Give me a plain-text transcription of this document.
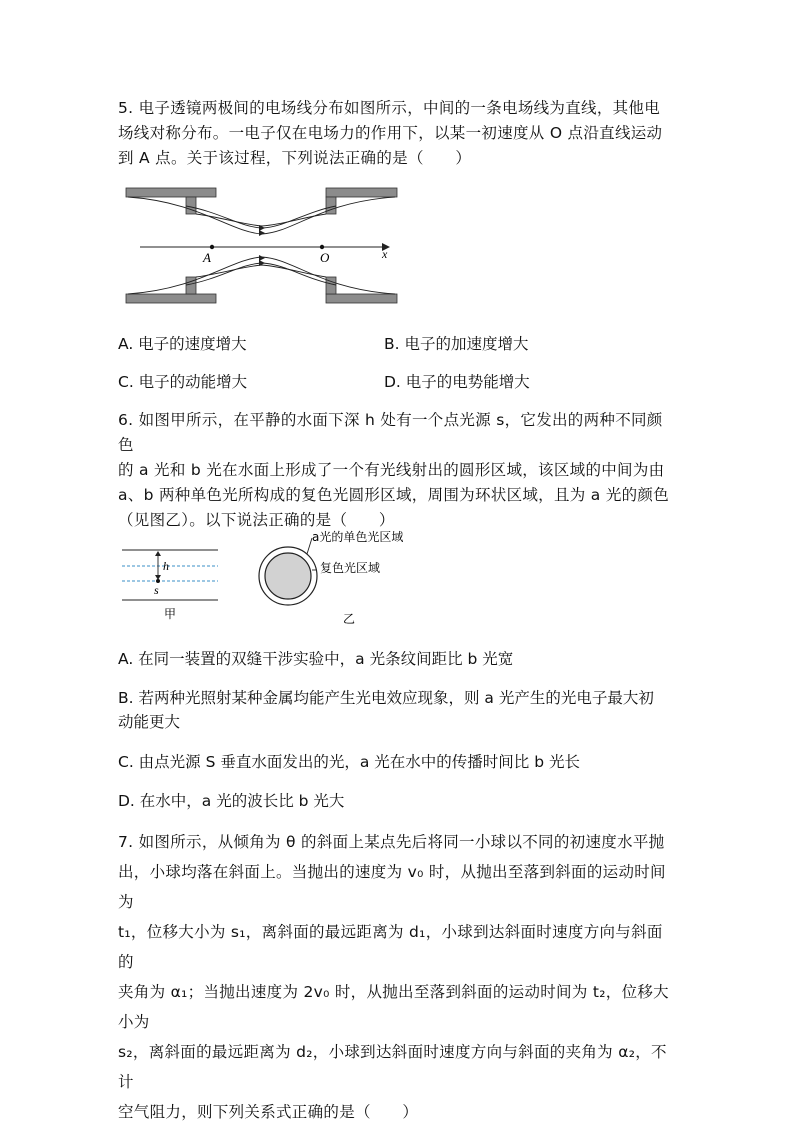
5. 电子透镜两极间的电场线分布如图所示，中间的一条电场线为直线，其他电
场线对称分布。一电子仅在电场力的作用下，以某一初速度从 O 点沿直线运动
到 A 点。关于该过程，下列说法正确的是（　　）
A	O	x
A. 电子的速度增大	B. 电子的加速度增大
C. 电子的动能增大	D. 电子的电势能增大
6. 如图甲所示，在平静的水面下深 h 处有一个点光源 s，它发出的两种不同颜色
的 a 光和 b 光在水面上形成了一个有光线射出的圆形区域，该区域的中间为由
a、b 两种单色光所构成的复色光圆形区域，周围为环状区域，且为 a 光的颜色
（见图乙）。以下说法正确的是（　　）
h
s
甲
a光的单色光区域
复色光区域
乙
A. 在同一装置的双缝干涉实验中，a 光条纹间距比 b 光宽
B. 若两种光照射某种金属均能产生光电效应现象，则 a 光产生的光电子最大初
动能更大
C. 由点光源 S 垂直水面发出的光，a 光在水中的传播时间比 b 光长
D. 在水中，a 光的波长比 b 光大
7. 如图所示，从倾角为 θ 的斜面上某点先后将同一小球以不同的初速度水平抛
出，小球均落在斜面上。当抛出的速度为 v₀ 时，从抛出至落到斜面的运动时间为
t₁，位移大小为 s₁，离斜面的最远距离为 d₁，小球到达斜面时速度方向与斜面的
夹角为 α₁；当抛出速度为 2v₀ 时，从抛出至落到斜面的运动时间为 t₂，位移大小为
s₂，离斜面的最远距离为 d₂，小球到达斜面时速度方向与斜面的夹角为 α₂，不计
空气阻力，则下列关系式正确的是（　　）
